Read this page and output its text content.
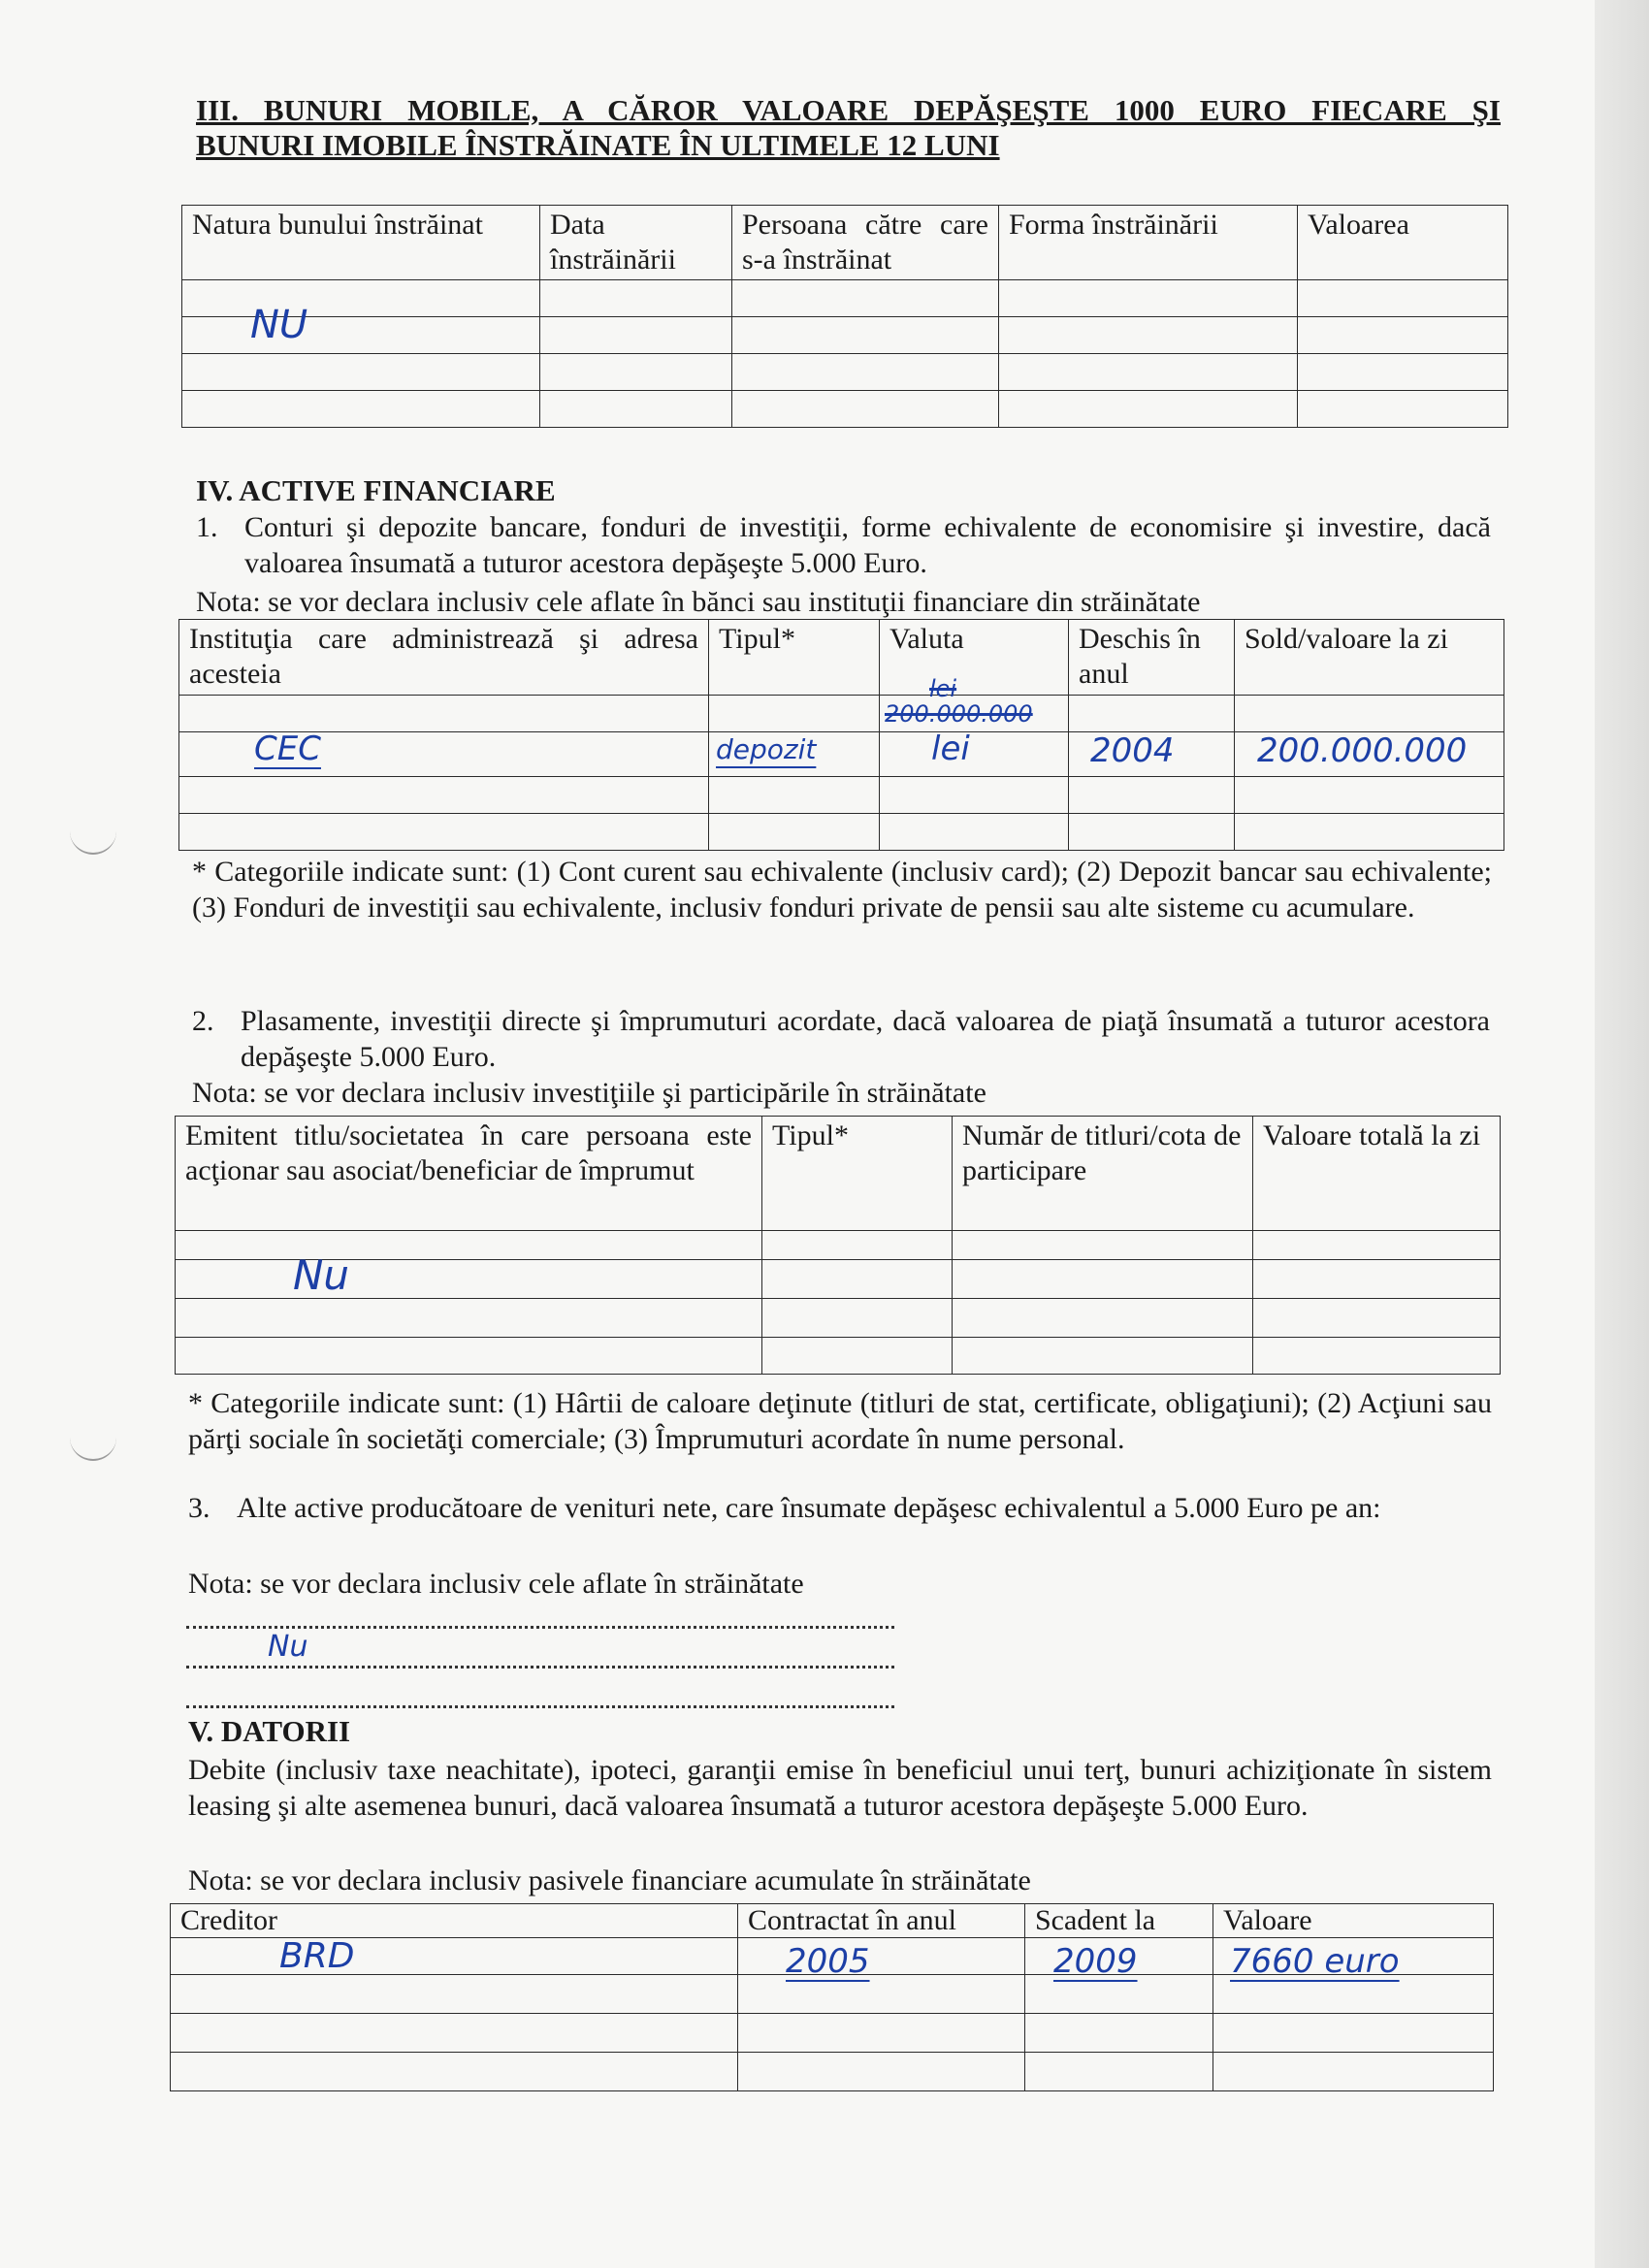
III. BUNURI MOBILE, A CĂROR VALOARE DEPĂŞEŞTE 1000 EURO FIECARE ŞI
BUNURI IMOBILE ÎNSTRĂINATE ÎN ULTIMELE 12 LUNI
Natura bunului înstrăinat	Data înstrăinării	Persoana către care s-a înstrăinat	Forma înstrăinării	Valoarea

NU
IV. ACTIVE FINANCIARE
1. Conturi şi depozite bancare, fonduri de investiţii, forme echivalente de economisire şi investire, dacă valoarea însumată a tuturor acestora depăşeşte 5.000 Euro.
Nota: se vor declara inclusiv cele aflate în bănci sau instituţii financiare din străinătate
Instituţia care administrează şi adresa acesteia	Tipul*	Valuta	Deschis în anul	Sold/valoare la zi

lei
200.000.000
CEC	depozit	lei	2004	200.000.000
* Categoriile indicate sunt: (1) Cont curent sau echivalente (inclusiv card); (2) Depozit bancar sau echivalente; (3) Fonduri de investiţii sau echivalente, inclusiv fonduri private de pensii sau alte sisteme cu acumulare.
2. Plasamente, investiţii directe şi împrumuturi acordate, dacă valoarea de piaţă însumată a tuturor acestora depăşeşte 5.000 Euro.
Nota: se vor declara inclusiv investiţiile şi participările în străinătate
Emitent titlu/societatea în care persoana este acţionar sau asociat/beneficiar de împrumut	Tipul*	Număr de titluri/cota de participare	Valoare totală la zi

Nu
* Categoriile indicate sunt: (1) Hârtii de caloare deţinute (titluri de stat, certificate, obligaţiuni); (2) Acţiuni sau părţi sociale în societăţi comerciale; (3) Împrumuturi acordate în nume personal.
3. Alte active producătoare de venituri nete, care însumate depăşesc echivalentul a 5.000 Euro pe an:
Nota: se vor declara inclusiv cele aflate în străinătate
Nu
V. DATORII
Debite (inclusiv taxe neachitate), ipoteci, garanţii emise în beneficiul unui terţ, bunuri achiziţionate în sistem leasing şi alte asemenea bunuri, dacă valoarea însumată a tuturor acestora depăşeşte 5.000 Euro.
Nota: se vor declara inclusiv pasivele financiare acumulate în străinătate
Creditor	Contractat în anul	Scadent la	Valoare

BRD	2005	2009	7660 euro
